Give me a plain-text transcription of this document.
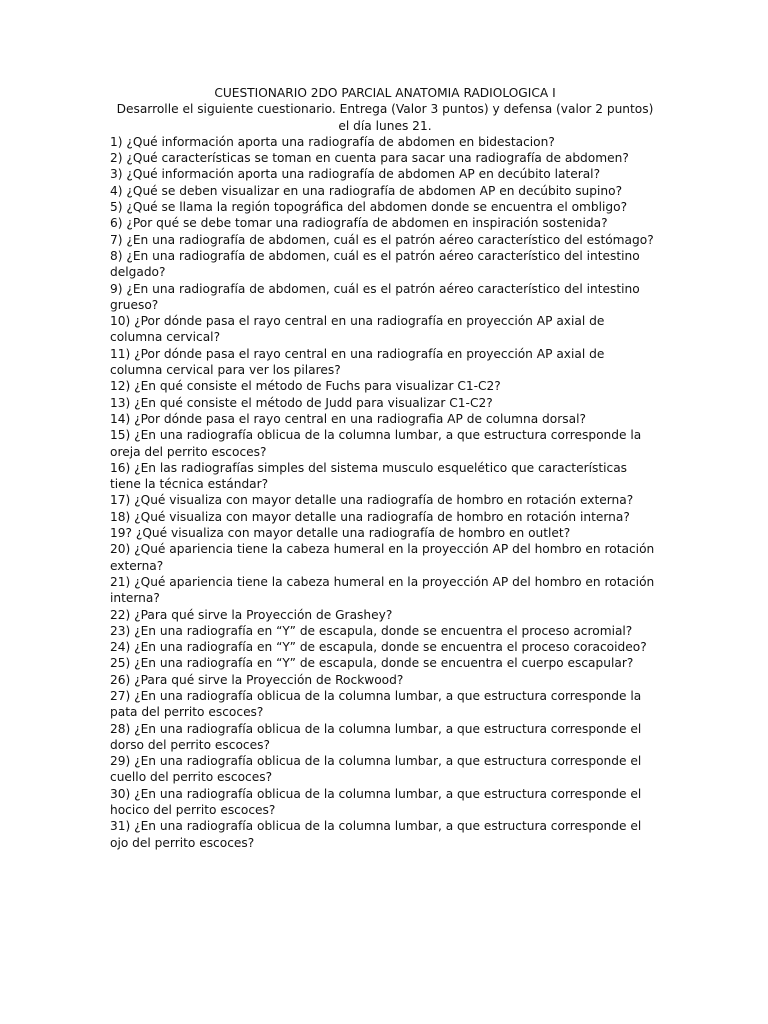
CUESTIONARIO 2DO PARCIAL ANATOMIA RADIOLOGICA I

Desarrolle el siguiente cuestionario. Entrega (Valor 3 puntos) y defensa (valor 2 puntos) el día lunes 21.

1) ¿Qué información aporta una radiografía de abdomen en bidestacion?
2) ¿Qué características se toman en cuenta para sacar una radiografía de abdomen?
3) ¿Qué información aporta una radiografía de abdomen AP en decúbito lateral?
4) ¿Qué se deben visualizar en una radiografía de abdomen AP en decúbito supino?
5) ¿Qué se llama la región topográfica del abdomen donde se encuentra el ombligo?
6) ¿Por qué se debe tomar una radiografía de abdomen en inspiración sostenida?
7) ¿En una radiografía de abdomen, cuál es el patrón aéreo característico del estómago?
8) ¿En una radiografía de abdomen, cuál es el patrón aéreo característico del intestino delgado?
9) ¿En una radiografía de abdomen, cuál es el patrón aéreo característico del intestino grueso?
10) ¿Por dónde pasa el rayo central en una radiografía en proyección AP axial de columna cervical?
11) ¿Por dónde pasa el rayo central en una radiografía en proyección AP axial de columna cervical para ver los pilares?
12) ¿En qué consiste el método de Fuchs para visualizar C1-C2?
13) ¿En qué consiste el método de Judd para visualizar C1-C2?
14) ¿Por dónde pasa el rayo central en una radiografia AP de columna dorsal?
15) ¿En una radiografía oblicua de la columna lumbar, a que estructura corresponde la oreja del perrito escoces?
16) ¿En las radiografías simples del sistema musculo esquelético que características tiene la técnica estándar?
17) ¿Qué visualiza con mayor detalle una radiografía de hombro en rotación externa?
18) ¿Qué visualiza con mayor detalle una radiografía de hombro en rotación interna?
19? ¿Qué visualiza con mayor detalle una radiografía de hombro en outlet?
20) ¿Qué apariencia tiene la cabeza humeral en la proyección AP del hombro en rotación externa?
21) ¿Qué apariencia tiene la cabeza humeral en la proyección AP del hombro en rotación interna?
22) ¿Para qué sirve la Proyección de Grashey?
23) ¿En una radiografía en “Y” de escapula, donde se encuentra el proceso acromial?
24) ¿En una radiografía en “Y” de escapula, donde se encuentra el proceso coracoideo?
25) ¿En una radiografía en “Y” de escapula, donde se encuentra el cuerpo escapular?
26) ¿Para qué sirve la Proyección de Rockwood?
27) ¿En una radiografía oblicua de la columna lumbar, a que estructura corresponde la pata del perrito escoces?
28) ¿En una radiografía oblicua de la columna lumbar, a que estructura corresponde el dorso del perrito escoces?
29) ¿En una radiografía oblicua de la columna lumbar, a que estructura corresponde el cuello del perrito escoces?
30) ¿En una radiografía oblicua de la columna lumbar, a que estructura corresponde el hocico del perrito escoces?
31) ¿En una radiografía oblicua de la columna lumbar, a que estructura corresponde el ojo del perrito escoces?
